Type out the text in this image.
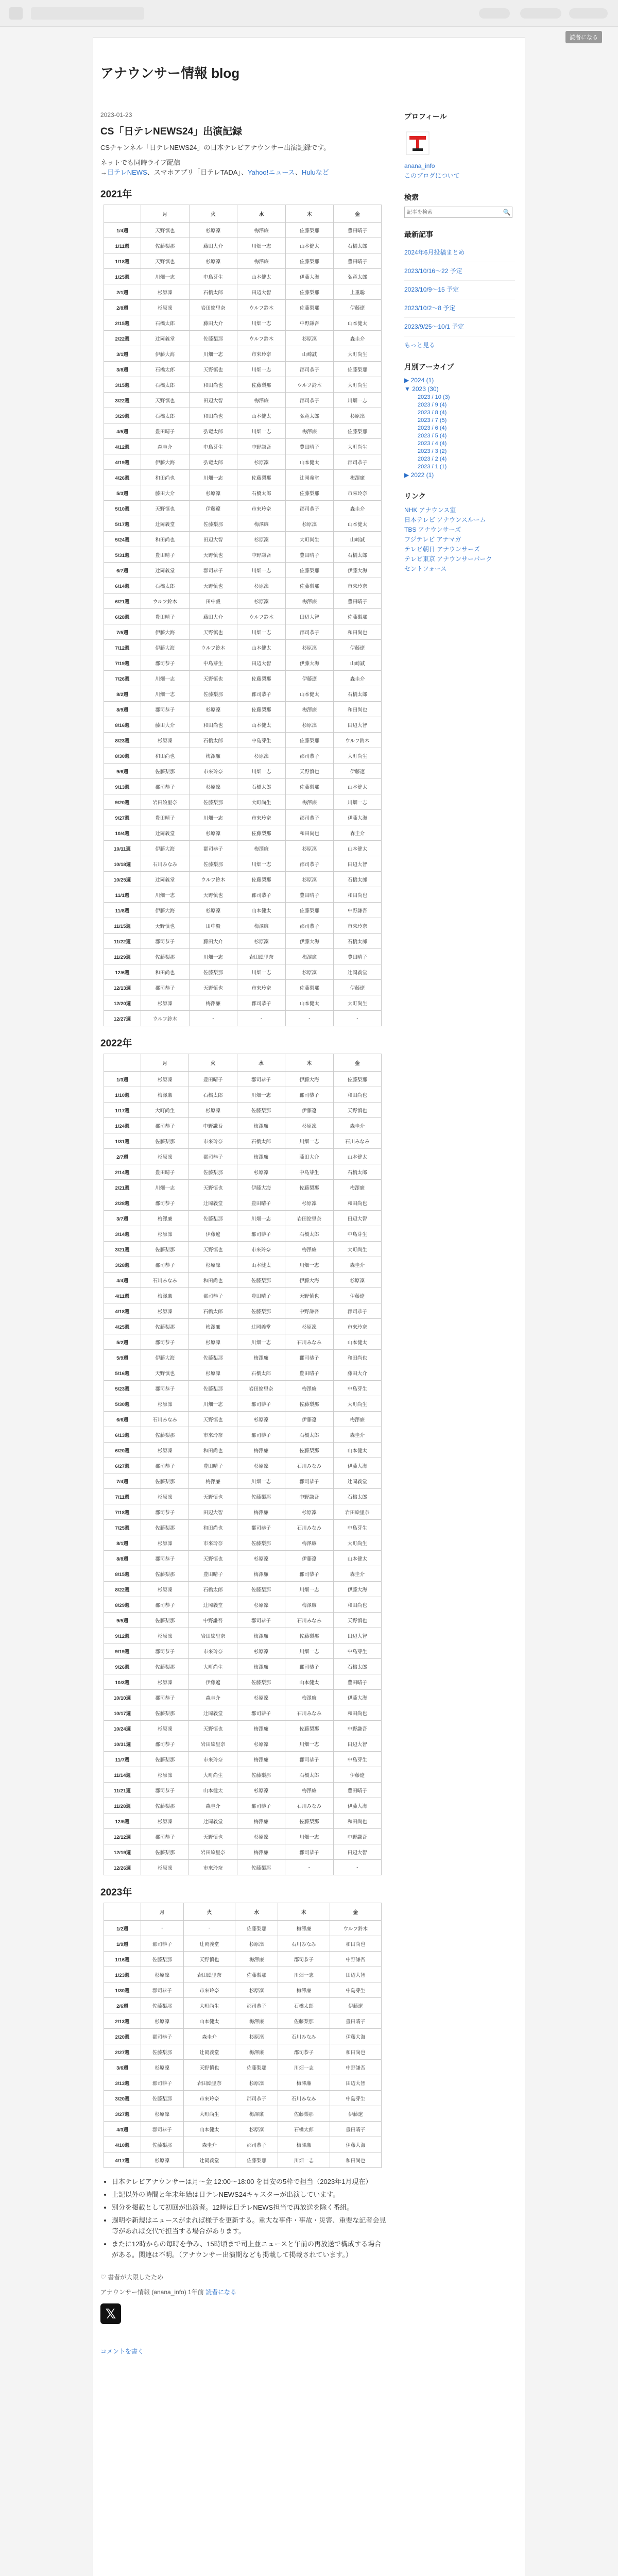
読者になる
アナウンサー情報 blog
2023-01-23
CS「日テレNEWS24」出演記録
CSチャンネル「日テレNEWS24」の日本テレビアナウンサー出演記録です。
ネットでも同時ライブ配信
→日テレNEWS、スマホアプリ「日テレTADA」、Yahoo!ニュース、Huluなど
2021年
	月	火	水	木	金
1/4週	天野慎也	杉原凜	梅澤廉	佐藤梨那	豊田晴子
1/11週	佐藤梨那	藤田大介	川畑一志	山本健太	石橋太郎
1/18週	天野慎也	杉原凜	梅澤廉	佐藤梨那	豊田晴子
1/25週	川畑一志	中島芽生	山本健太	伊藤大海	弘竜太郎
2/1週	杉原凜	石橋太郎	田辺大智	佐藤梨那	上重聡
2/8週	杉原凜	岩田絵里奈	ウルフ鈴木	佐藤梨那	伊藤遼
2/15週	石橋太郎	藤田大介	川畑一志	中野謙吾	山本健太
2/22週	辻岡義堂	佐藤梨那	ウルフ鈴木	杉原凜	森圭介
3/1週	伊藤大海	川畑一志	市來玲奈	山崎誠	大町尚生
3/8週	石橋太郎	天野慎也	川畑一志	郡司恭子	佐藤梨那
3/15週	石橋太郎	和田尚也	佐藤梨那	ウルフ鈴木	大町尚生
3/22週	天野慎也	田辺大智	梅澤廉	郡司恭子	川畑一志
3/29週	石橋太郎	和田尚也	山本健太	弘竜太郎	杉原凜
4/5週	豊田晴子	弘竜太郎	川畑一志	梅澤廉	佐藤梨那
4/12週	森圭介	中島芽生	中野謙吾	豊田晴子	大町尚生
4/19週	伊藤大海	弘竜太郎	杉原凜	山本健太	郡司恭子
4/26週	和田尚也	川畑一志	佐藤梨那	辻岡義堂	梅澤廉
5/3週	藤田大介	杉原凜	石橋太郎	佐藤梨那	市來玲奈
5/10週	天野慎也	伊藤遼	市來玲奈	郡司恭子	森圭介
5/17週	辻岡義堂	佐藤梨那	梅澤廉	杉原凜	山本健太
5/24週	和田尚也	田辺大智	杉原凜	大町尚生	山崎誠
5/31週	豊田晴子	天野慎也	中野謙吾	豊田晴子	石橋太郎
6/7週	辻岡義堂	郡司恭子	川畑一志	佐藤梨那	伊藤大海
6/14週	石橋太郎	天野慎也	杉原凜	佐藤梨那	市來玲奈
6/21週	ウルフ鈴木	田中毅	杉原凜	梅澤廉	豊田晴子
6/28週	豊田晴子	藤田大介	ウルフ鈴木	田辺大智	佐藤梨那
7/5週	伊藤大海	天野慎也	川畑一志	郡司恭子	和田尚也
7/12週	伊藤大海	ウルフ鈴木	山本健太	杉原凜	伊藤遼
7/19週	郡司恭子	中島芽生	田辺大智	伊藤大海	山崎誠
7/26週	川畑一志	天野慎也	佐藤梨那	伊藤遼	森圭介
8/2週	川畑一志	佐藤梨那	郡司恭子	山本健太	石橋太郎
8/9週	郡司恭子	杉原凜	佐藤梨那	梅澤廉	和田尚也
8/16週	藤田大介	和田尚也	山本健太	杉原凜	田辺大智
8/23週	杉原凜	石橋太郎	中島芽生	佐藤梨那	ウルフ鈴木
8/30週	和田尚也	梅澤廉	杉原凜	郡司恭子	大町尚生
9/6週	佐藤梨那	市來玲奈	川畑一志	天野慎也	伊藤遼
9/13週	郡司恭子	杉原凜	石橋太郎	佐藤梨那	山本健太
9/20週	岩田絵里奈	佐藤梨那	大町尚生	梅澤廉	川畑一志
9/27週	豊田晴子	川畑一志	市來玲奈	郡司恭子	伊藤大海
10/4週	辻岡義堂	杉原凜	佐藤梨那	和田尚也	森圭介
10/11週	伊藤大海	郡司恭子	梅澤廉	杉原凜	山本健太
10/18週	石川みなみ	佐藤梨那	川畑一志	郡司恭子	田辺大智
10/25週	辻岡義堂	ウルフ鈴木	佐藤梨那	杉原凜	石橋太郎
11/1週	川畑一志	天野慎也	郡司恭子	豊田晴子	和田尚也
11/8週	伊藤大海	杉原凜	山本健太	佐藤梨那	中野謙吾
11/15週	天野慎也	田中毅	梅澤廉	郡司恭子	市來玲奈
11/22週	郡司恭子	藤田大介	杉原凜	伊藤大海	石橋太郎
11/29週	佐藤梨那	川畑一志	岩田絵里奈	梅澤廉	豊田晴子
12/6週	和田尚也	佐藤梨那	川畑一志	杉原凜	辻岡義堂
12/13週	郡司恭子	天野慎也	市來玲奈	佐藤梨那	伊藤遼
12/20週	杉原凜	梅澤廉	郡司恭子	山本健太	大町尚生
12/27週	ウルフ鈴木	-	-	-	-
2022年
	月	火	水	木	金
1/3週	杉原凜	豊田晴子	郡司恭子	伊藤大海	佐藤梨那
1/10週	梅澤廉	石橋太郎	川畑一志	郡司恭子	和田尚也
1/17週	大町尚生	杉原凜	佐藤梨那	伊藤遼	天野慎也
1/24週	郡司恭子	中野謙吾	梅澤廉	杉原凜	森圭介
1/31週	佐藤梨那	市來玲奈	石橋太郎	川畑一志	石川みなみ
2/7週	杉原凜	郡司恭子	梅澤廉	藤田大介	山本健太
2/14週	豊田晴子	佐藤梨那	杉原凜	中島芽生	石橋太郎
2/21週	川畑一志	天野慎也	伊藤大海	佐藤梨那	梅澤廉
2/28週	郡司恭子	辻岡義堂	豊田晴子	杉原凜	和田尚也
3/7週	梅澤廉	佐藤梨那	川畑一志	岩田絵里奈	田辺大智
3/14週	杉原凜	伊藤遼	郡司恭子	石橋太郎	中島芽生
3/21週	佐藤梨那	天野慎也	市來玲奈	梅澤廉	大町尚生
3/28週	郡司恭子	杉原凜	山本健太	川畑一志	森圭介
4/4週	石川みなみ	和田尚也	佐藤梨那	伊藤大海	杉原凜
4/11週	梅澤廉	郡司恭子	豊田晴子	天野慎也	伊藤遼
4/18週	杉原凜	石橋太郎	佐藤梨那	中野謙吾	郡司恭子
4/25週	佐藤梨那	梅澤廉	辻岡義堂	杉原凜	市來玲奈
5/2週	郡司恭子	杉原凜	川畑一志	石川みなみ	山本健太
5/9週	伊藤大海	佐藤梨那	梅澤廉	郡司恭子	和田尚也
5/16週	天野慎也	杉原凜	石橋太郎	豊田晴子	藤田大介
5/23週	郡司恭子	佐藤梨那	岩田絵里奈	梅澤廉	中島芽生
5/30週	杉原凜	川畑一志	郡司恭子	佐藤梨那	大町尚生
6/6週	石川みなみ	天野慎也	杉原凜	伊藤遼	梅澤廉
6/13週	佐藤梨那	市來玲奈	郡司恭子	石橋太郎	森圭介
6/20週	杉原凜	和田尚也	梅澤廉	佐藤梨那	山本健太
6/27週	郡司恭子	豊田晴子	杉原凜	石川みなみ	伊藤大海
7/4週	佐藤梨那	梅澤廉	川畑一志	郡司恭子	辻岡義堂
7/11週	杉原凜	天野慎也	佐藤梨那	中野謙吾	石橋太郎
7/18週	郡司恭子	田辺大智	梅澤廉	杉原凜	岩田絵里奈
7/25週	佐藤梨那	和田尚也	郡司恭子	石川みなみ	中島芽生
8/1週	杉原凜	市來玲奈	佐藤梨那	梅澤廉	大町尚生
8/8週	郡司恭子	天野慎也	杉原凜	伊藤遼	山本健太
8/15週	佐藤梨那	豊田晴子	梅澤廉	郡司恭子	森圭介
8/22週	杉原凜	石橋太郎	佐藤梨那	川畑一志	伊藤大海
8/29週	郡司恭子	辻岡義堂	杉原凜	梅澤廉	和田尚也
9/5週	佐藤梨那	中野謙吾	郡司恭子	石川みなみ	天野慎也
9/12週	杉原凜	岩田絵里奈	梅澤廉	佐藤梨那	田辺大智
9/19週	郡司恭子	市來玲奈	杉原凜	川畑一志	中島芽生
9/26週	佐藤梨那	大町尚生	梅澤廉	郡司恭子	石橋太郎
10/3週	杉原凜	伊藤遼	佐藤梨那	山本健太	豊田晴子
10/10週	郡司恭子	森圭介	杉原凜	梅澤廉	伊藤大海
10/17週	佐藤梨那	辻岡義堂	郡司恭子	石川みなみ	和田尚也
10/24週	杉原凜	天野慎也	梅澤廉	佐藤梨那	中野謙吾
10/31週	郡司恭子	岩田絵里奈	杉原凜	川畑一志	田辺大智
11/7週	佐藤梨那	市來玲奈	梅澤廉	郡司恭子	中島芽生
11/14週	杉原凜	大町尚生	佐藤梨那	石橋太郎	伊藤遼
11/21週	郡司恭子	山本健太	杉原凜	梅澤廉	豊田晴子
11/28週	佐藤梨那	森圭介	郡司恭子	石川みなみ	伊藤大海
12/5週	杉原凜	辻岡義堂	梅澤廉	佐藤梨那	和田尚也
12/12週	郡司恭子	天野慎也	杉原凜	川畑一志	中野謙吾
12/19週	佐藤梨那	岩田絵里奈	梅澤廉	郡司恭子	田辺大智
12/26週	杉原凜	市來玲奈	佐藤梨那	-	-
2023年
	月	火	水	木	金
1/2週	-	-	佐藤梨那	梅澤廉	ウルフ鈴木
1/9週	郡司恭子	辻岡義堂	杉原凜	石川みなみ	和田尚也
1/16週	佐藤梨那	天野慎也	梅澤廉	郡司恭子	中野謙吾
1/23週	杉原凜	岩田絵里奈	佐藤梨那	川畑一志	田辺大智
1/30週	郡司恭子	市來玲奈	杉原凜	梅澤廉	中島芽生
2/6週	佐藤梨那	大町尚生	郡司恭子	石橋太郎	伊藤遼
2/13週	杉原凜	山本健太	梅澤廉	佐藤梨那	豊田晴子
2/20週	郡司恭子	森圭介	杉原凜	石川みなみ	伊藤大海
2/27週	佐藤梨那	辻岡義堂	梅澤廉	郡司恭子	和田尚也
3/6週	杉原凜	天野慎也	佐藤梨那	川畑一志	中野謙吾
3/13週	郡司恭子	岩田絵里奈	杉原凜	梅澤廉	田辺大智
3/20週	佐藤梨那	市來玲奈	郡司恭子	石川みなみ	中島芽生
3/27週	杉原凜	大町尚生	梅澤廉	佐藤梨那	伊藤遼
4/3週	郡司恭子	山本健太	杉原凜	石橋太郎	豊田晴子
4/10週	佐藤梨那	森圭介	郡司恭子	梅澤廉	伊藤大海
4/17週	杉原凜	辻岡義堂	佐藤梨那	川畑一志	和田尚也
• 日本テレビアナウンサーは月〜金 12:00〜18:00 を目安の5枠で担当（2023年1月現在）
• 上記以外の時間と年末年始は日テレNEWS24キャスターが出演しています。
• 別分を掲載として初回が出演者。12時は日テレNEWS担当で再放送を除く番組。
• 週明や新規はニュースがまれば様子を更新する。重大な事件・事故・災害、重要な記者会見等があれば交代で担当する場合があります。
• またに12時からの毎時を争み、15時頃まで司上並ニュースと午前の再放送で構成する場合がある。関連は不明。（アナウンサー出演期なども掲載して掲載されています。）
♡ 書者が大限したため
アナウンサー情報 (anana_info) 1年前 読者になる
𝕏
コメントを書く
プロフィール
anana_info
このブログについて
検索
記事を検索
🔍
最新記事
2024年6月投稿まとめ
2023/10/16〜22 予定
2023/10/9〜15 予定
2023/10/2〜8 予定
2023/9/25〜10/1 予定
もっと見る
月別アーカイブ
▶ 2024 (1)
▼ 2023 (30)
2023 / 10 (3)
2023 / 9 (4)
2023 / 8 (4)
2023 / 7 (5)
2023 / 6 (4)
2023 / 5 (4)
2023 / 4 (4)
2023 / 3 (2)
2023 / 2 (4)
2023 / 1 (1)
▶ 2022 (1)
リンク
NHK アナウンス室
日本テレビ アナウンスルーム
TBS アナウンサーズ
フジテレビ アナマガ
テレビ朝日 アナウンサーズ
テレビ東京 アナウンサーパーク
セントフォース
